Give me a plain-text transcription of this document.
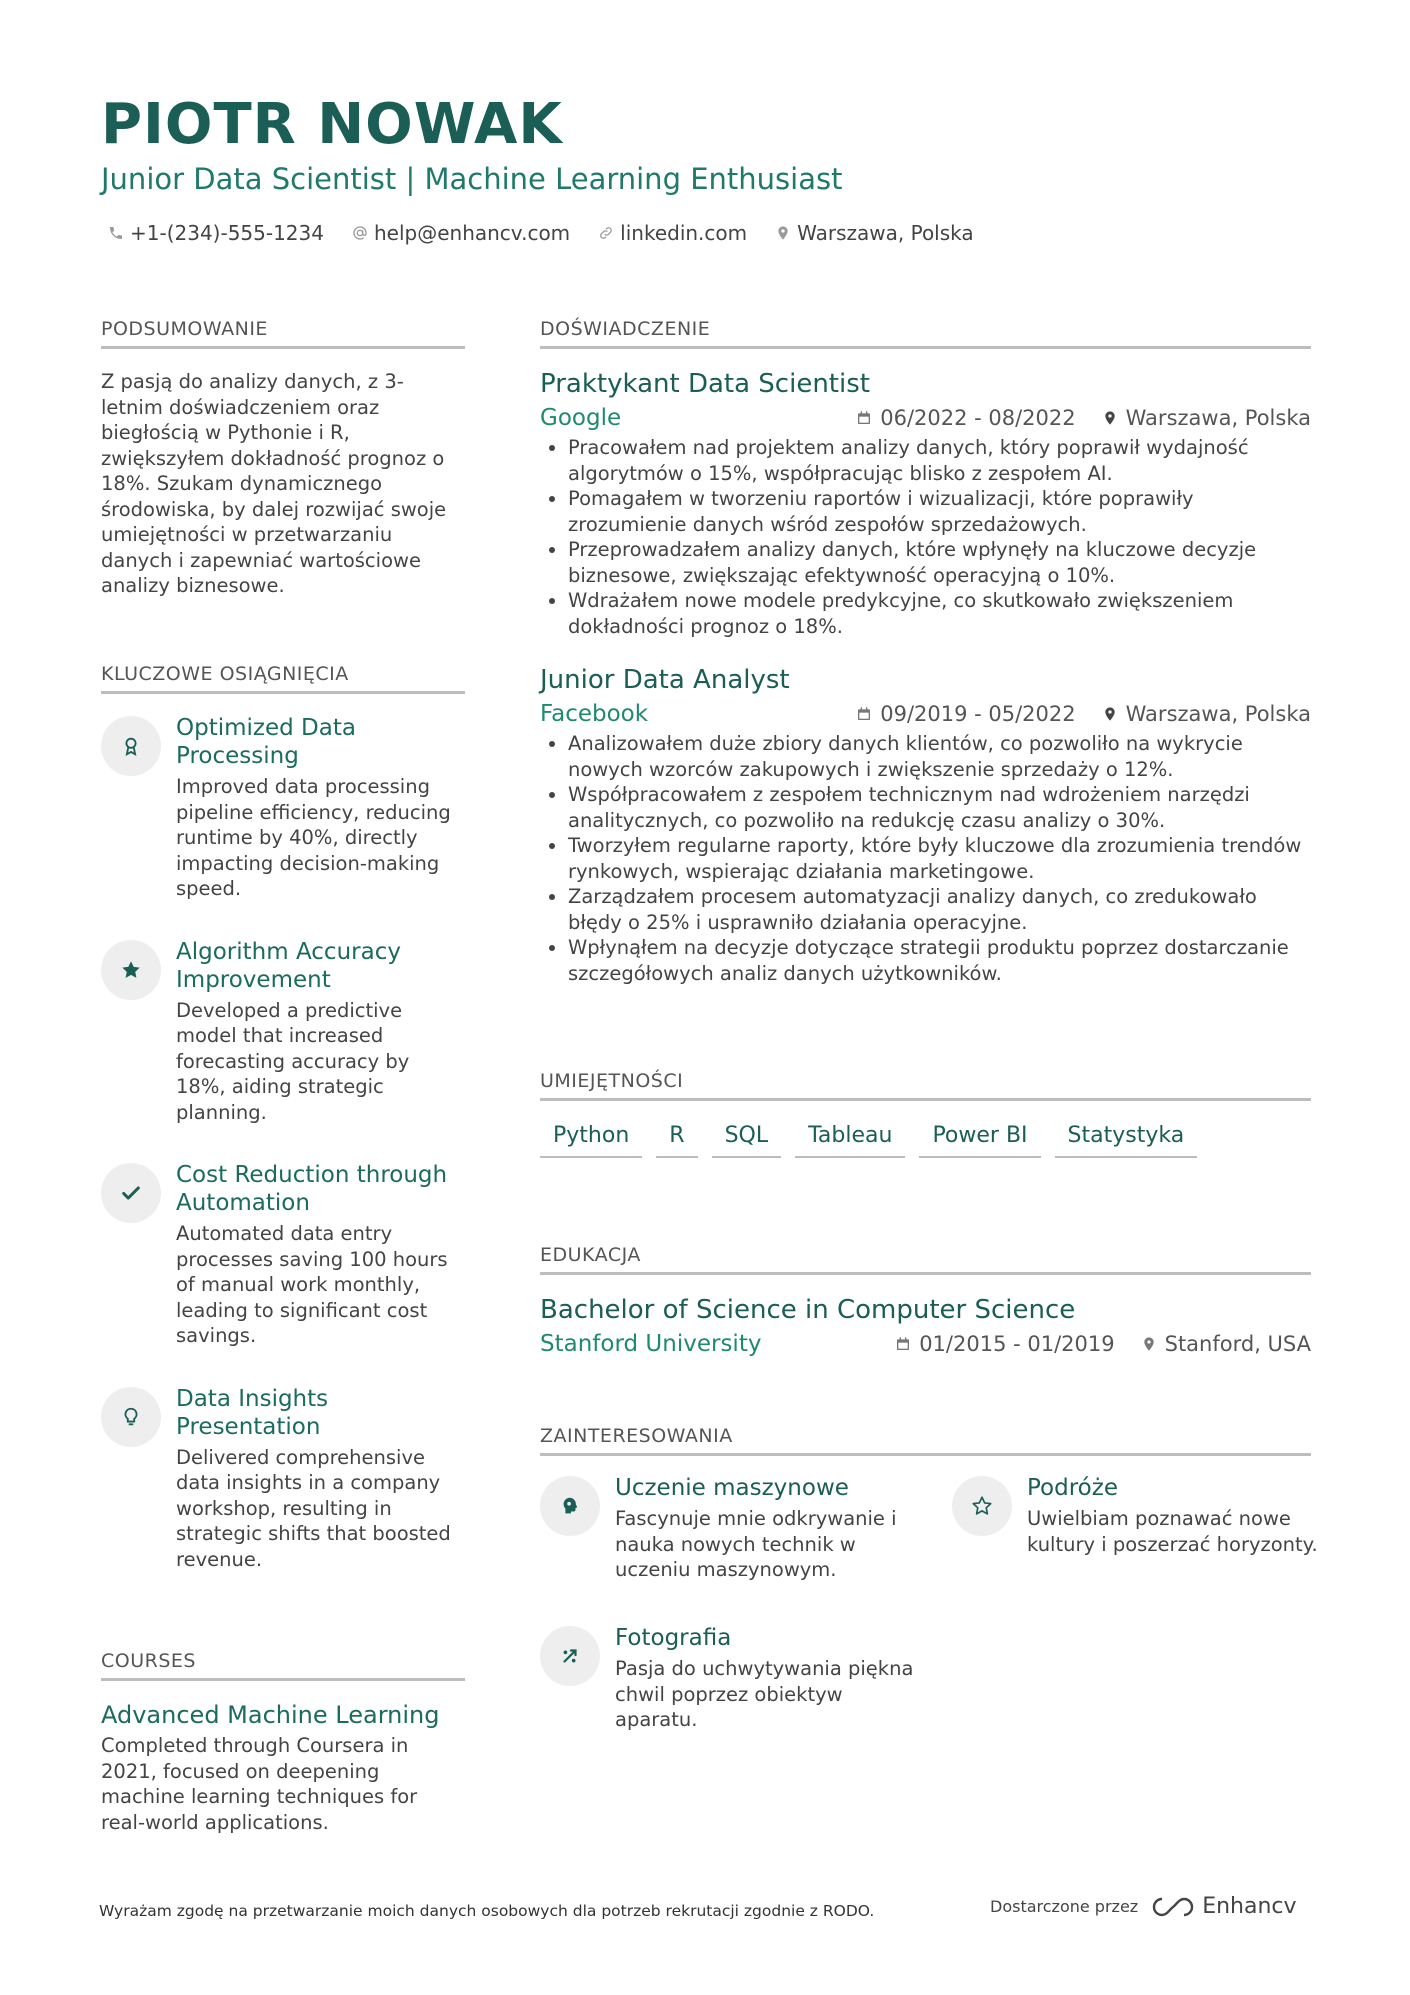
PIOTR NOWAK
Junior Data Scientist | Machine Learning Enthusiast
+1-(234)-555-1234	help@enhancv.com	linkedin.com	Warszawa, Polska
PODSUMOWANIE
Z pasją do analizy danych, z 3-letnim doświadczeniem oraz biegłością w Pythonie i R, zwiększyłem dokładność prognoz o 18%. Szukam dynamicznego środowiska, by dalej rozwijać swoje umiejętności w przetwarzaniu danych i zapewniać wartościowe analizy biznesowe.
KLUCZOWE OSIĄGNIĘCIA
Optimized Data Processing
Improved data processing pipeline efficiency, reducing runtime by 40%, directly impacting decision-making speed.
Algorithm Accuracy Improvement
Developed a predictive model that increased forecasting accuracy by 18%, aiding strategic planning.
Cost Reduction through Automation
Automated data entry processes saving 100 hours of manual work monthly, leading to significant cost savings.
Data Insights Presentation
Delivered comprehensive data insights in a company workshop, resulting in strategic shifts that boosted revenue.
COURSES
Advanced Machine Learning
Completed through Coursera in 2021, focused on deepening machine learning techniques for real-world applications.
DOŚWIADCZENIE
Praktykant Data Scientist
Google	06/2022 - 08/2022 Warszawa, Polska
• Pracowałem nad projektem analizy danych, który poprawił wydajność algorytmów o 15%, współpracując blisko z zespołem AI.
• Pomagałem w tworzeniu raportów i wizualizacji, które poprawiły zrozumienie danych wśród zespołów sprzedażowych.
• Przeprowadzałem analizy danych, które wpłynęły na kluczowe decyzje biznesowe, zwiększając efektywność operacyjną o 10%.
• Wdrażałem nowe modele predykcyjne, co skutkowało zwiększeniem dokładności prognoz o 18%.
Junior Data Analyst
Facebook	09/2019 - 05/2022 Warszawa, Polska
• Analizowałem duże zbiory danych klientów, co pozwoliło na wykrycie nowych wzorców zakupowych i zwiększenie sprzedaży o 12%.
• Współpracowałem z zespołem technicznym nad wdrożeniem narzędzi analitycznych, co pozwoliło na redukcję czasu analizy o 30%.
• Tworzyłem regularne raporty, które były kluczowe dla zrozumienia trendów rynkowych, wspierając działania marketingowe.
• Zarządzałem procesem automatyzacji analizy danych, co zredukowało błędy o 25% i usprawniło działania operacyjne.
• Wpłynąłem na decyzje dotyczące strategii produktu poprzez dostarczanie szczegółowych analiz danych użytkowników.
UMIEJĘTNOŚCI
Python	R	SQL	Tableau	Power BI	Statystyka
EDUKACJA
Bachelor of Science in Computer Science
Stanford University	01/2015 - 01/2019 Stanford, USA
ZAINTERESOWANIA
Uczenie maszynowe
Fascynuje mnie odkrywanie i nauka nowych technik w uczeniu maszynowym.
Podróże
Uwielbiam poznawać nowe kultury i poszerzać horyzonty.
Fotografia
Pasja do uchwytywania piękna chwil poprzez obiektyw aparatu.
Wyrażam zgodę na przetwarzanie moich danych osobowych dla potrzeb rekrutacji zgodnie z RODO.	Dostarczone przez	Enhancv
